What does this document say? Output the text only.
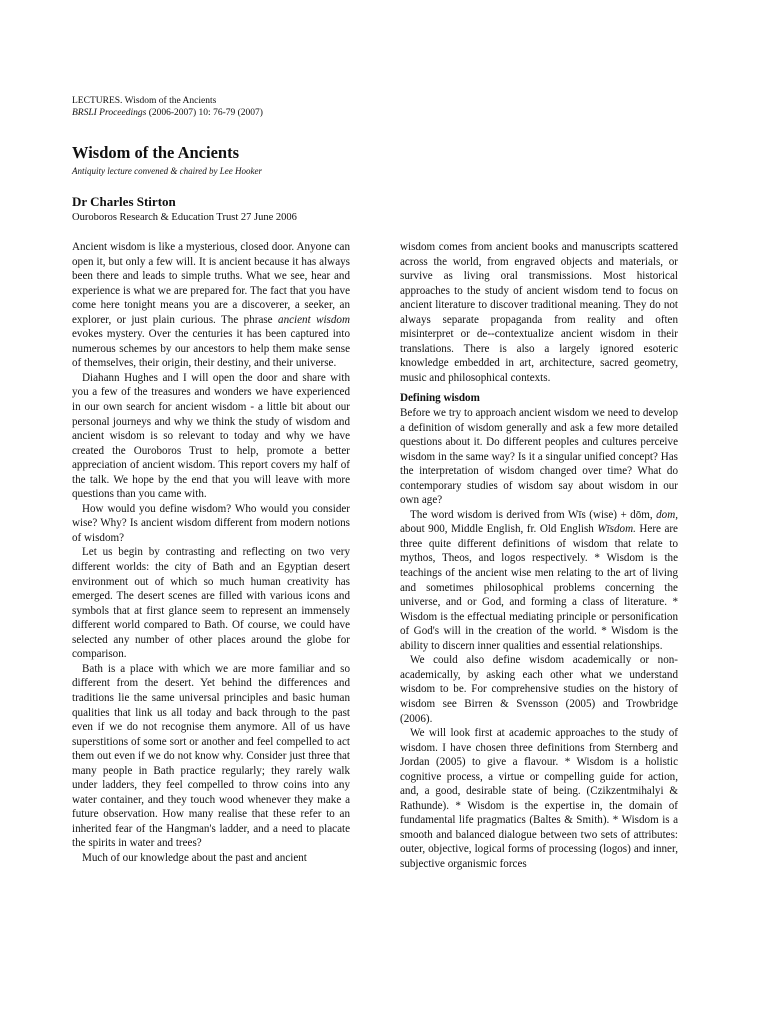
LECTURES. Wisdom of the Ancients
BRSLI Proceedings (2006-2007) 10: 76-79 (2007)
Wisdom of the Ancients
Antiquity lecture convened & chaired by Lee Hooker
Dr Charles Stirton
Ouroboros Research & Education Trust 27 June 2006

Ancient wisdom is like a mysterious, closed door. Anyone can open it, but only a few will. It is ancient because it has always been there and leads to simple truths. What we see, hear and experience is what we are prepared for. The fact that you have come here tonight means you are a discoverer, a seeker, an explorer, or just plain curious. The phrase ancient wisdom evokes mystery. Over the centuries it has been captured into numerous schemes by our ancestors to help them make sense of themselves, their origin, their destiny, and their universe.

Diahann Hughes and I will open the door and share with you a few of the treasures and wonders we have experienced in our own search for ancient wisdom - a little bit about our personal journeys and why we think the study of wisdom and ancient wisdom is so relevant to today and why we have created the Ouroboros Trust to help, promote a better appreciation of ancient wisdom. This report covers my half of the talk. We hope by the end that you will leave with more questions than you came with.

How would you define wisdom? Who would you consider wise? Why? Is ancient wisdom different from modern notions of wisdom?

Let us begin by contrasting and reflecting on two very different worlds: the city of Bath and an Egyptian desert environment out of which so much human creativity has emerged. The desert scenes are filled with various icons and symbols that at first glance seem to represent an immensely different world compared to Bath. Of course, we could have selected any number of other places around the globe for comparison.

Bath is a place with which we are more familiar and so different from the desert. Yet behind the differences and traditions lie the same universal principles and basic human qualities that link us all today and back through to the past even if we do not recognise them anymore. All of us have superstitions of some sort or another and feel compelled to act them out even if we do not know why. Consider just three that many people in Bath practice regularly; they rarely walk under ladders, they feel compelled to throw coins into any water container, and they touch wood whenever they make a future observation. How many realise that these refer to an inherited fear of the Hangman's ladder, and a need to placate the spirits in water and trees?

Much of our knowledge about the past and ancient

wisdom comes from ancient books and manuscripts scattered across the world, from engraved objects and materials, or survive as living oral transmissions. Most historical approaches to the study of ancient wisdom tend to focus on ancient literature to discover traditional meaning. They do not always separate propaganda from reality and often misinterpret or de--contextualize ancient wisdom in their translations. There is also a largely ignored esoteric knowledge embedded in art, architecture, sacred geometry, music and philosophical contexts.

Defining wisdom

Before we try to approach ancient wisdom we need to develop a definition of wisdom generally and ask a few more detailed questions about it. Do different peoples and cultures perceive wisdom in the same way? Is it a singular unified concept? Has the interpretation of wisdom changed over time? What do contemporary studies of wisdom say about wisdom in our own age?

The word wisdom is derived from Wīs (wise) + dōm, dom, about 900, Middle English, fr. Old English Wīsdom. Here are three quite different definitions of wisdom that relate to mythos, Theos, and logos respectively. * Wisdom is the teachings of the ancient wise men relating to the art of living and sometimes philosophical problems concerning the universe, and or God, and forming a class of literature. * Wisdom is the effectual mediating principle or personification of God's will in the creation of the world. * Wisdom is the ability to discern inner qualities and essential relationships.

We could also define wisdom academically or non-academically, by asking each other what we understand wisdom to be. For comprehensive studies on the history of wisdom see Birren & Svensson (2005) and Trowbridge (2006).

We will look first at academic approaches to the study of wisdom. I have chosen three definitions from Sternberg and Jordan (2005) to give a flavour. * Wisdom is a holistic cognitive process, a virtue or compelling guide for action, and, a good, desirable state of being. (Czikzentmihalyi & Rathunde). * Wisdom is the expertise in, the domain of fundamental life pragmatics (Baltes & Smith). * Wisdom is a smooth and balanced dialogue between two sets of attributes: outer, objective, logical forms of processing (logos) and inner, subjective organismic forces
